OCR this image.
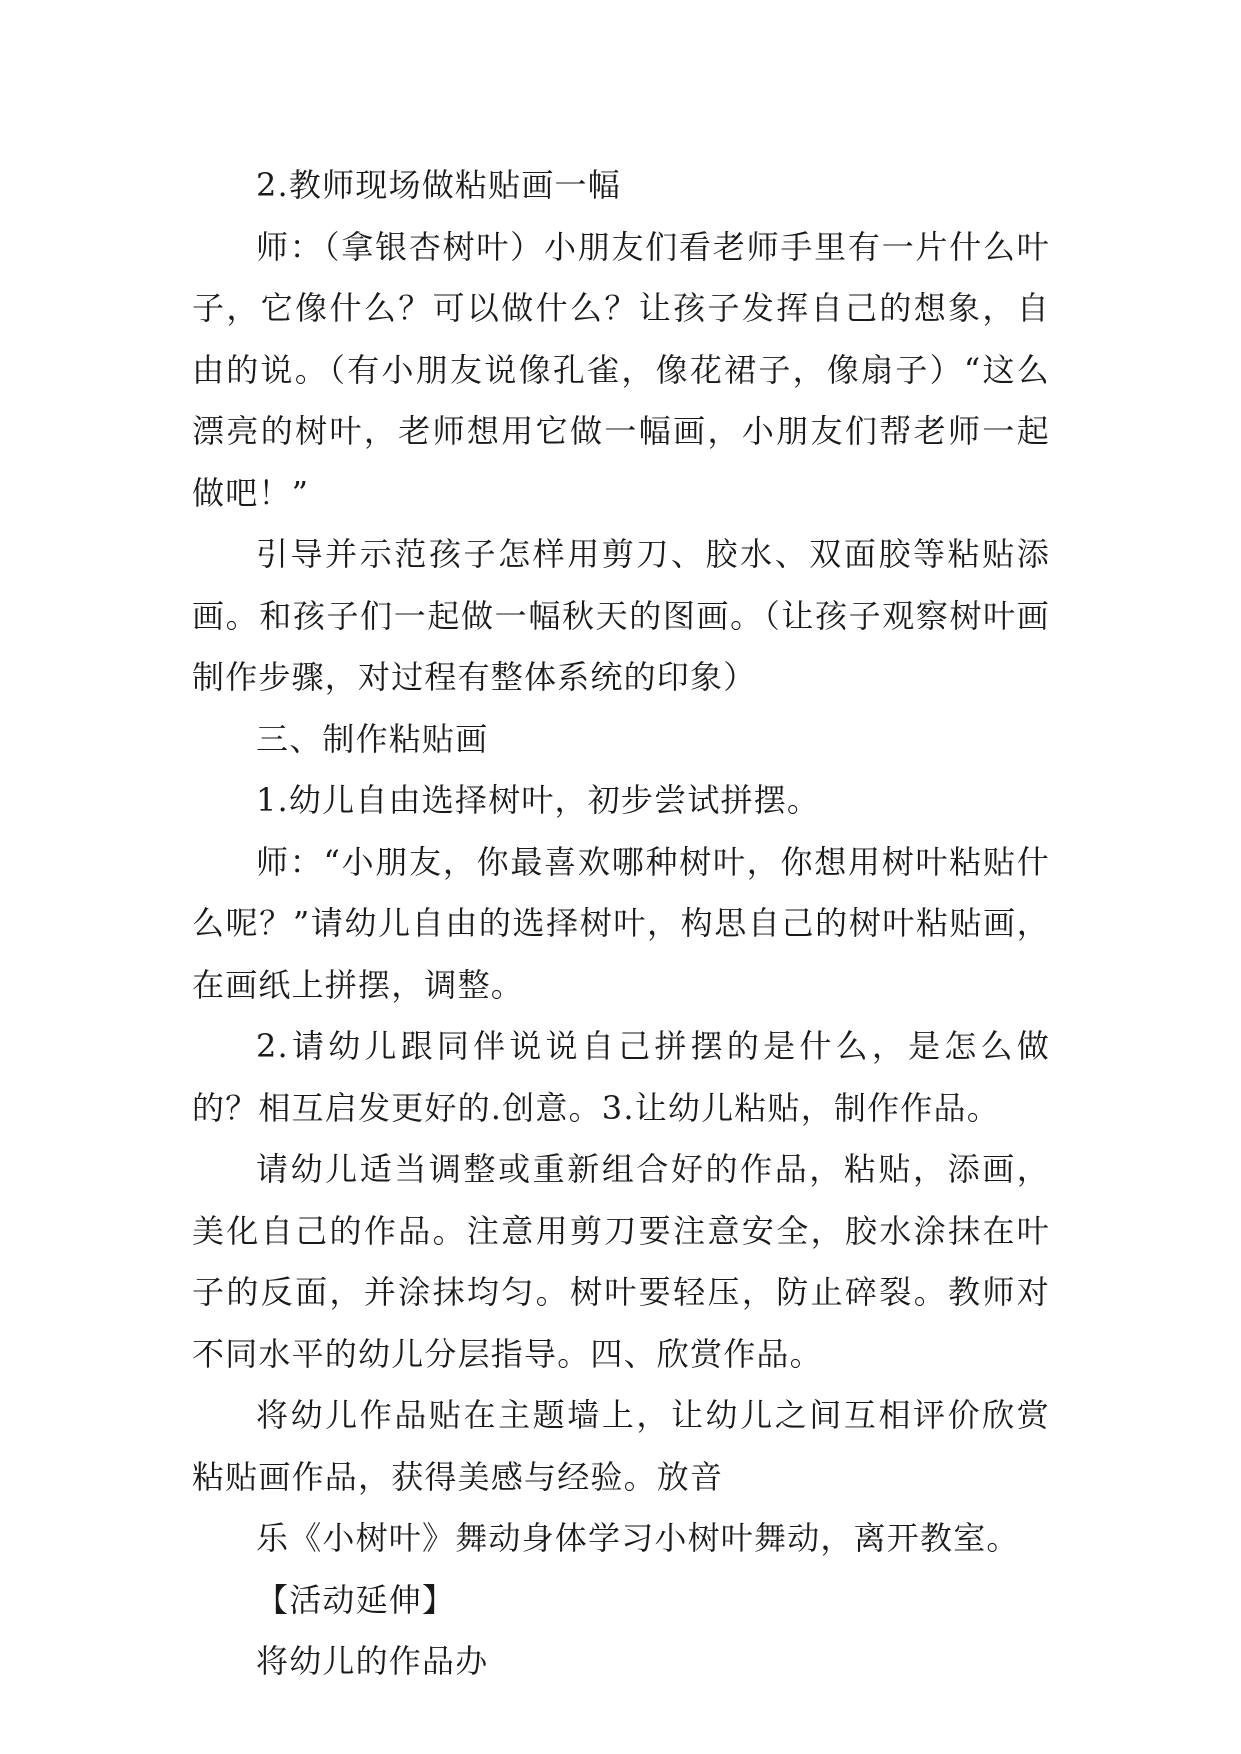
2.教师现场做粘贴画一幅

师：（拿银杏树叶）小朋友们看老师手里有一片什么叶子，它像什么？可以做什么？让孩子发挥自己的想象，自由的说。（有小朋友说像孔雀，像花裙子，像扇子）“这么漂亮的树叶，老师想用它做一幅画，小朋友们帮老师一起做吧！”

引导并示范孩子怎样用剪刀、胶水、双面胶等粘贴添画。和孩子们一起做一幅秋天的图画。（让孩子观察树叶画制作步骤，对过程有整体系统的印象）

三、制作粘贴画

1.幼儿自由选择树叶，初步尝试拼摆。

师：“小朋友，你最喜欢哪种树叶，你想用树叶粘贴什么呢？”请幼儿自由的选择树叶，构思自己的树叶粘贴画，在画纸上拼摆，调整。

2.请幼儿跟同伴说说自己拼摆的是什么，是怎么做的？相互启发更好的.创意。3.让幼儿粘贴，制作作品。

请幼儿适当调整或重新组合好的作品，粘贴，添画，美化自己的作品。注意用剪刀要注意安全，胶水涂抹在叶子的反面，并涂抹均匀。树叶要轻压，防止碎裂。教师对不同水平的幼儿分层指导。四、欣赏作品。

将幼儿作品贴在主题墙上，让幼儿之间互相评价欣赏粘贴画作品，获得美感与经验。放音

乐《小树叶》舞动身体学习小树叶舞动，离开教室。

【活动延伸】

将幼儿的作品办
